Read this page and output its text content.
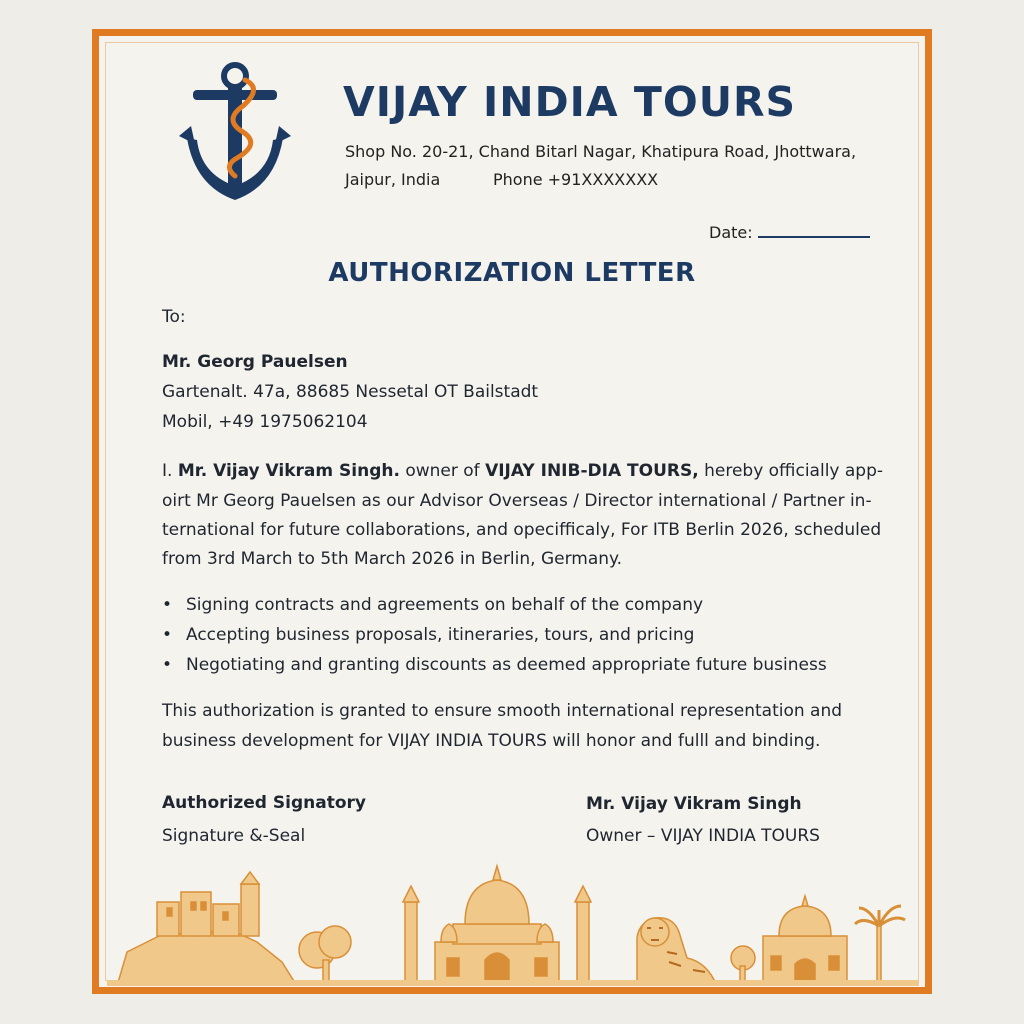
VIJAY INDIA TOURS
Shop No. 20-21, Chand Bitarl Nagar, Khatipura Road, Jhottwara,
Jaipur, India	Phone +91XXXXXXX
Date:
AUTHORIZATION LETTER
To:
Mr. Georg Pauelsen
Gartenalt. 47a, 88685 Nessetal OT Bailstadt
Mobil, +49 1975062104
I. Mr. Vijay Vikram Singh. owner of VIJAY INIB-DIA TOURS, hereby officially app-
oirt Mr Georg Pauelsen as our Advisor Overseas / Director international / Partner in-
ternational for future collaborations, and opecifficaly, For ITB Berlin 2026, scheduled
from 3rd March to 5th March 2026 in Berlin, Germany.
• Signing contracts and agreements on behalf of the company
• Accepting business proposals, itineraries, tours, and pricing
• Negotiating and granting discounts as deemed appropriate future business
This authorization is granted to ensure smooth international representation and
business development for VIJAY INDIA TOURS will honor and fulll and binding.
Authorized Signatory
Signature &-Seal
Mr. Vijay Vikram Singh
Owner – VIJAY INDIA TOURS
